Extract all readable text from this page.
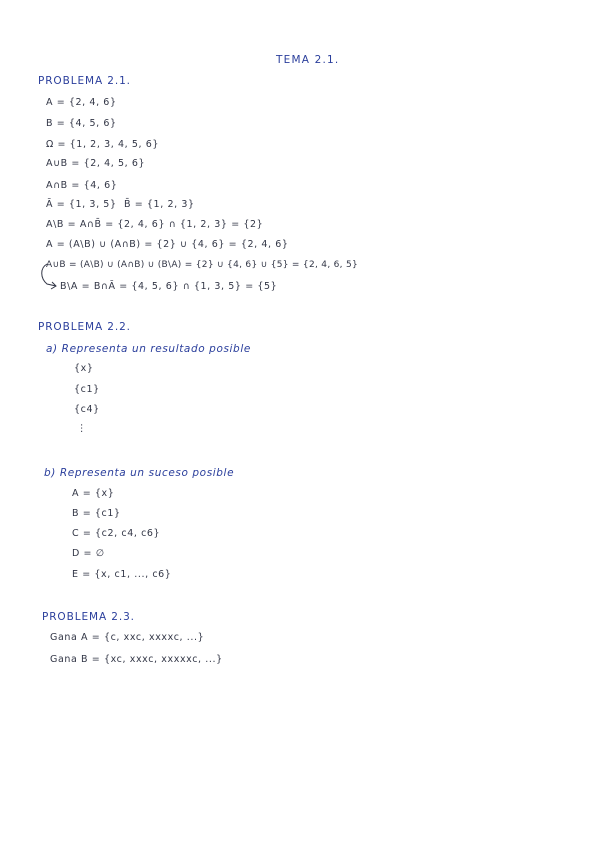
TEMA 2.1.
PROBLEMA 2.1.
A = {2, 4, 6}
B = {4, 5, 6}
Ω = {1, 2, 3, 4, 5, 6}
A∪B = {2, 4, 5, 6}
A∩B = {4, 6}
Ā = {1, 3, 5} B̄ = {1, 2, 3}
A\B = A∩B̄ = {2, 4, 6} ∩ {1, 2, 3} = {2}
A = (A\B) ∪ (A∩B) = {2} ∪ {4, 6} = {2, 4, 6}
A∪B = (A\B) ∪ (A∩B) ∪ (B\A) = {2} ∪ {4, 6} ∪ {5} = {2, 4, 6, 5}
B\A = B∩Ā = {4, 5, 6} ∩ {1, 3, 5} = {5}
PROBLEMA 2.2.
a) Representa un resultado posible
{x}
{c1}
{c4}
⋮
b) Representa un suceso posible
A = {x}
B = {c1}
C = {c2, c4, c6}
D = ∅
E = {x, c1, ..., c6}
PROBLEMA 2.3.
Gana A = {c, xxc, xxxxc, ...}
Gana B = {xc, xxxc, xxxxxc, ...}
